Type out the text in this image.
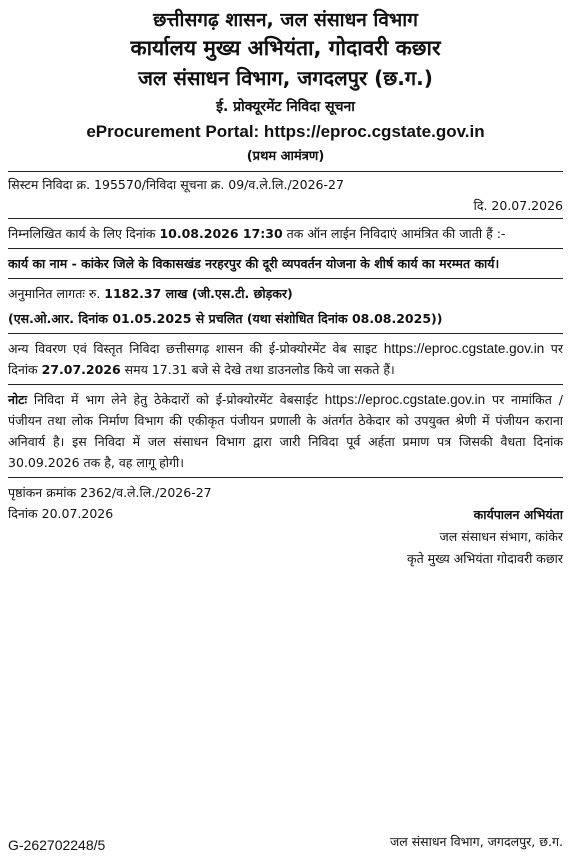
छत्तीसगढ़ शासन, जल संसाधन विभाग
कार्यालय मुख्य अभियंता, गोदावरी कछार
जल संसाधन विभाग, जगदलपुर (छ.ग.)
ई. प्रोक्यूरमेंट निविदा सूचना
eProcurement Portal: https://eproc.cgstate.gov.in
(प्रथम आमंत्रण)
सिस्टम निविदा क्र. 195570/निविदा सूचना क्र. 09/व.ले.लि./2026-27
दि. 20.07.2026
निम्नलिखित कार्य के लिए दिनांक 10.08.2026 17:30 तक ऑन लाईन निविदाएं आमंत्रित की जाती हैं :-
कार्य का नाम - कांकेर जिले के विकासखंड नरहरपुर की दूरी व्यपवर्तन योजना के शीर्ष कार्य का मरम्मत कार्य।
अनुमानित लागतः रु. 1182.37 लाख (जी.एस.टी. छोड़कर)
(एस.ओ.आर. दिनांक 01.05.2025 से प्रचलित (यथा संशोधित दिनांक 08.08.2025))
अन्य विवरण एवं विस्तृत निविदा छत्तीसगढ़ शासन की ई-प्रोक्योरमेंट वेब साइट https://eproc.cgstate.gov.in पर दिनांक 27.07.2026 समय 17.31 बजे से देखे तथा डाउनलोड किये जा सकते हैं।
नोटः निविदा में भाग लेने हेतु ठेकेदारों को ई-प्रोक्योरमेंट वेबसाईट https://eproc.cgstate.gov.in पर नामांकित / पंजीयन तथा लोक निर्माण विभाग की एकीकृत पंजीयन प्रणाली के अंतर्गत ठेकेदार को उपयुक्त श्रेणी में पंजीयन कराना अनिवार्य है। इस निविदा में जल संसाधन विभाग द्वारा जारी निविदा पूर्व अर्हता प्रमाण पत्र जिसकी वैधता दिनांक 30.09.2026 तक है, वह लागू होगी।
पृष्ठांकन क्रमांक 2362/व.ले.लि./2026-27
दिनांक 20.07.2026	कार्यपालन अभियंता
जल संसाधन संभाग, कांकेर
कृते मुख्य अभियंता गोदावरी कछार
G-262702248/5	जल संसाधन विभाग, जगदलपुर, छ.ग.
